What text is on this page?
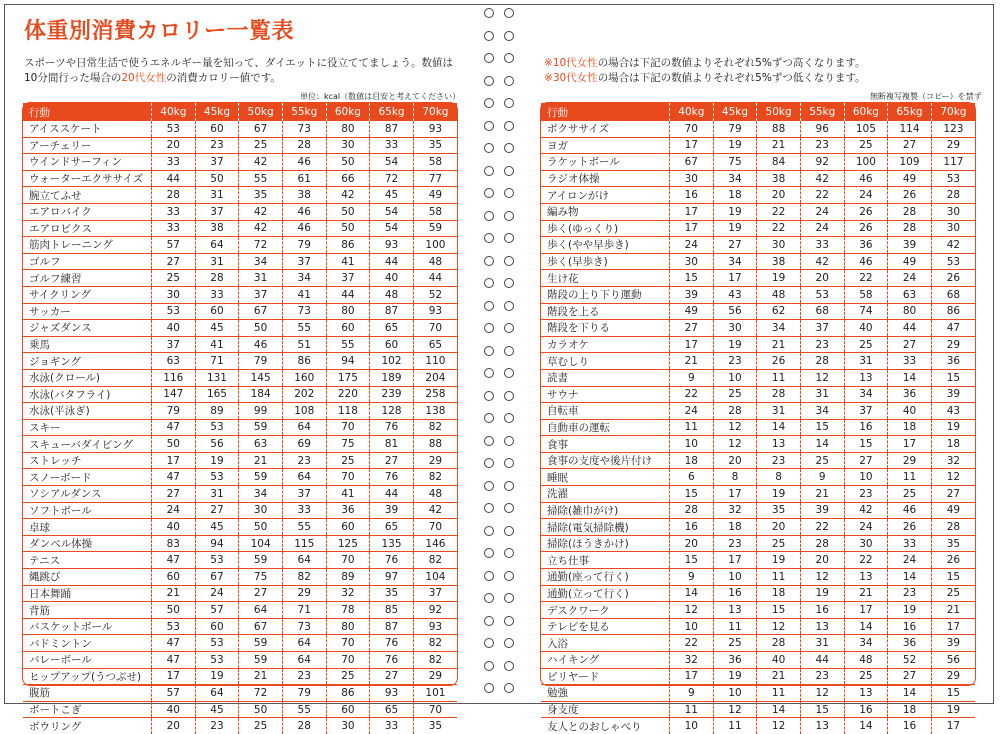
体重別消費カロリー一覧表

スポーツや日常生活で使うエネルギー量を知って、ダイエットに役立ててましょう。数値は10分間行った場合の20代女性の消費カロリー値です。

単位：kcal（数値は目安と考えてください）
行動	40kg	45kg	50kg	55kg	60kg	65kg	70kg
アイススケート	53	60	67	73	80	87	93
アーチェリー	20	23	25	28	30	33	35
ウインドサーフィン	33	37	42	46	50	54	58
ウォーターエクササイズ	44	50	55	61	66	72	77
腕立てふせ	28	31	35	38	42	45	49
エアロバイク	33	37	42	46	50	54	58
エアロビクス	33	38	42	46	50	54	59
筋肉トレーニング	57	64	72	79	86	93	100
ゴルフ	27	31	34	37	41	44	48
ゴルフ練習	25	28	31	34	37	40	44
サイクリング	30	33	37	41	44	48	52
サッカー	53	60	67	73	80	87	93
ジャズダンス	40	45	50	55	60	65	70
乗馬	37	41	46	51	55	60	65
ジョギング	63	71	79	86	94	102	110
水泳(クロール)	116	131	145	160	175	189	204
水泳(バタフライ)	147	165	184	202	220	239	258
水泳(平泳ぎ)	79	89	99	108	118	128	138
スキー	47	53	59	64	70	76	82
スキューバダイビング	50	56	63	69	75	81	88
ストレッチ	17	19	21	23	25	27	29
スノーボード	47	53	59	64	70	76	82
ソシアルダンス	27	31	34	37	41	44	48
ソフトボール	24	27	30	33	36	39	42
卓球	40	45	50	55	60	65	70
ダンベル体操	83	94	104	115	125	135	146
テニス	47	53	59	64	70	76	82
縄跳び	60	67	75	82	89	97	104
日本舞踊	21	24	27	29	32	35	37
背筋	50	57	64	71	78	85	92
バスケットボール	53	60	67	73	80	87	93
バドミントン	47	53	59	64	70	76	82
バレーボール	47	53	59	64	70	76	82
ヒップアップ(うつぶせ)	17	19	21	23	25	27	29
腹筋	57	64	72	79	86	93	101
ボートこぎ	40	45	50	55	60	65	70
ボウリング	20	23	25	28	30	33	35

※10代女性の場合は下記の数値よりそれぞれ5%ずつ高くなります。
※30代女性の場合は下記の数値よりそれぞれ5%ずつ低くなります。

無断複写複製（コピー）を禁ず
行動	40kg	45kg	50kg	55kg	60kg	65kg	70kg
ボクササイズ	70	79	88	96	105	114	123
ヨガ	17	19	21	23	25	27	29
ラケットボール	67	75	84	92	100	109	117
ラジオ体操	30	34	38	42	46	49	53
アイロンがけ	16	18	20	22	24	26	28
編み物	17	19	22	24	26	28	30
歩く(ゆっくり)	17	19	22	24	26	28	30
歩く(やや早歩き)	24	27	30	33	36	39	42
歩く(早歩き)	30	34	38	42	46	49	53
生け花	15	17	19	20	22	24	26
階段の上り下り運動	39	43	48	53	58	63	68
階段を上る	49	56	62	68	74	80	86
階段を下りる	27	30	34	37	40	44	47
カラオケ	17	19	21	23	25	27	29
草むしり	21	23	26	28	31	33	36
読書	9	10	11	12	13	14	15
サウナ	22	25	28	31	34	36	39
自転車	24	28	31	34	37	40	43
自動車の運転	11	12	14	15	16	18	19
食事	10	12	13	14	15	17	18
食事の支度や後片付け	18	20	23	25	27	29	32
睡眠	6	8	8	9	10	11	12
洗濯	15	17	19	21	23	25	27
掃除(雑巾がけ)	28	32	35	39	42	46	49
掃除(電気掃除機)	16	18	20	22	24	26	28
掃除(ほうきかけ)	20	23	25	28	30	33	35
立ち仕事	15	17	19	20	22	24	26
通勤(座って行く)	9	10	11	12	13	14	15
通勤(立って行く)	14	16	18	19	21	23	25
デスクワーク	12	13	15	16	17	19	21
テレビを見る	10	11	12	13	14	16	17
入浴	22	25	28	31	34	36	39
ハイキング	32	36	40	44	48	52	56
ピリヤード	17	19	21	23	25	27	29
勉強	9	10	11	12	13	14	15
身支度	11	12	14	15	16	18	19
友人とのおしゃべり	10	11	12	13	14	16	17
